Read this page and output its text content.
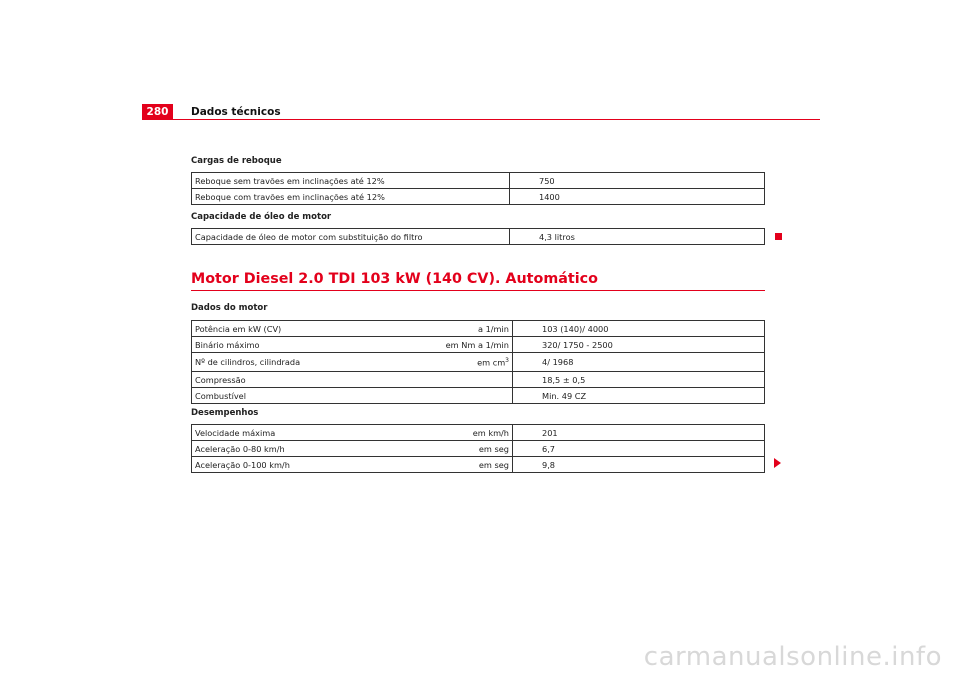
280	Dados técnicos
Cargas de reboque
Reboque sem travões em inclinações até 12%	750
Reboque com travões em inclinações até 12%	1400
Capacidade de óleo de motor
Capacidade de óleo de motor com substituição do filtro	4,3 litros
Motor Diesel 2.0 TDI 103 kW (140 CV). Automático
Dados do motor
Potência em kW (CV)	a 1/min	103 (140)/ 4000
Binário máximo	em Nm a 1/min	320/ 1750 - 2500
Nº de cilindros, cilindrada	em $cm^3$	4/ 1968
Compressão		18,5 ± 0,5
Combustível		Min. 49 CZ
Desempenhos
Velocidade máxima	em km/h	201
Aceleração 0-80 km/h	em seg	6,7
Aceleração 0-100 km/h	em seg	9,8
carmanualsonline.info
